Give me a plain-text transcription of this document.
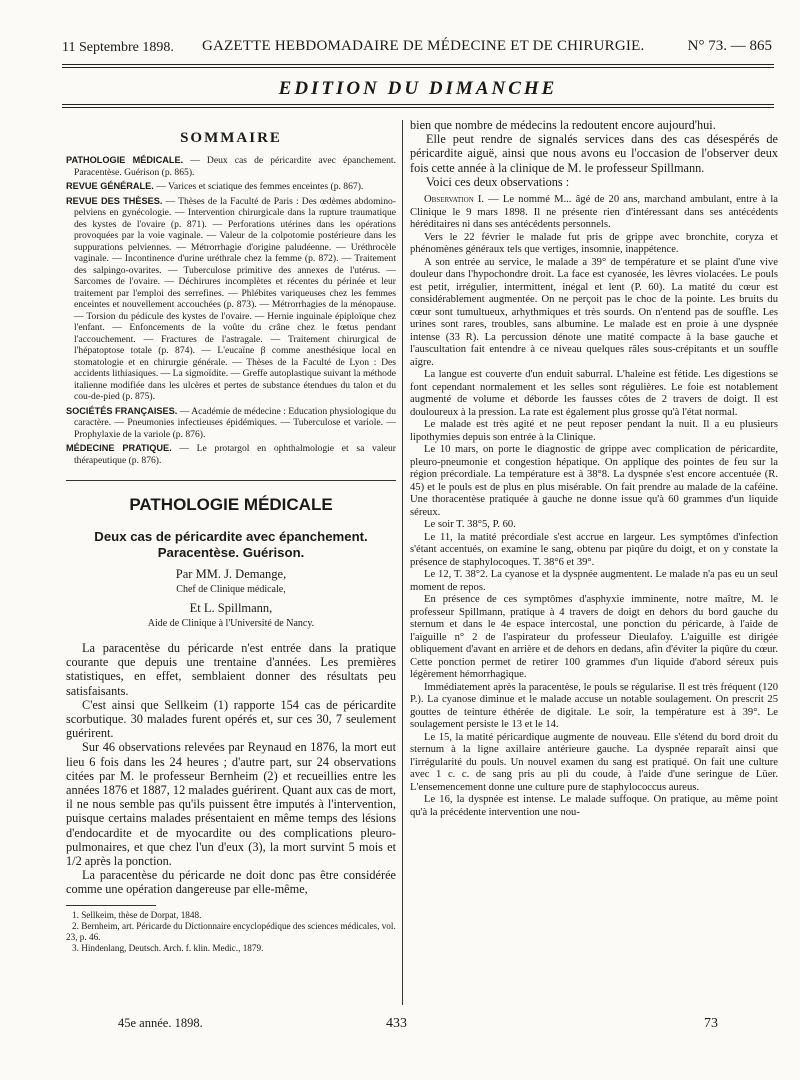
11 Septembre 1898. GAZETTE HEBDOMADAIRE DE MÉDECINE ET DE CHIRURGIE.	N° 73. — 865
EDITION DU DIMANCHE
SOMMAIRE
PATHOLOGIE MÉDICALE. — Deux cas de péricardite avec épanchement. Paracentèse. Guérison (p. 865).
REVUE GÉNÉRALE. — Varices et sciatique des femmes enceintes (p. 867).
REVUE DES THÈSES. — Thèses de la Faculté de Paris : Des œdèmes abdomino-pelviens en gynécologie. — Intervention chirurgicale dans la rupture traumatique des kystes de l'ovaire (p. 871). — Perforations utérines dans les opérations provoquées par la voie vaginale. — Valeur de la colpotomie postérieure dans les suppurations pelviennes. — Métrorrhagie d'origine paludéenne. — Uréthrocèle vaginale. — Incontinence d'urine uréthrale chez la femme (p. 872). — Traitement des salpingo-ovarites. — Tuberculose primitive des annexes de l'utérus. — Sarcomes de l'ovaire. — Déchirures incomplètes et récentes du périnée et leur traitement par l'emploi des serrefines. — Phlébites variqueuses chez les femmes enceintes et nouvellement accouchées (p. 873). — Métrorrhagies de la ménopause. — Torsion du pédicule des kystes de l'ovaire. — Hernie inguinale épiploïque chez l'enfant. — Enfoncements de la voûte du crâne chez le fœtus pendant l'accouchement. — Fractures de l'astragale. — Traitement chirurgical de l'hépatoptose totale (p. 874). — L'eucaïne β comme anesthésique local en stomatologie et en chirurgie générale. — Thèses de la Faculté de Lyon : Des accidents lithiasiques. — La sigmoïdite. — Greffe autoplastique suivant la méthode italienne modifiée dans les ulcères et pertes de substance étendues du talon et du cou-de-pied (p. 875).
SOCIÉTÉS FRANÇAISES. — Académie de médecine : Education physiologique du caractère. — Pneumonies infectieuses épidémiques. — Tuberculose et variole. — Prophylaxie de la variole (p. 876).
MÉDECINE PRATIQUE. — Le protargol en ophthalmologie et sa valeur thérapeutique (p. 876).
PATHOLOGIE MÉDICALE
Deux cas de péricardite avec épanchement. Paracentèse. Guérison.
Par MM. J. Demange,
Chef de Clinique médicale,
Et L. Spillmann,
Aide de Clinique à l'Université de Nancy.

La paracentèse du péricarde n'est entrée dans la pratique courante que depuis une trentaine d'années. Les premières statistiques, en effet, semblaient donner des résultats peu satisfaisants.

C'est ainsi que Sellkeim (1) rapporte 154 cas de péricardite scorbutique. 30 malades furent opérés et, sur ces 30, 7 seulement guérirent.

Sur 46 observations relevées par Reynaud en 1876, la mort eut lieu 6 fois dans les 24 heures ; d'autre part, sur 24 observations citées par M. le professeur Bernheim (2) et recueillies entre les années 1876 et 1887, 12 malades guérirent. Quant aux cas de mort, il ne nous semble pas qu'ils puissent être imputés à l'intervention, puisque certains malades présentaient en même temps des lésions d'endocardite et de myocardite ou des complications pleuro-pulmonaires, et que chez l'un d'eux (3), la mort survint 5 mois et 1/2 après la ponction.

La paracentèse du péricarde ne doit donc pas être considérée comme une opération dangereuse par elle-même,

1. Sellkeim, thèse de Dorpat, 1848.
2. Bernheim, art. Péricarde du Dictionnaire encyclopédique des sciences médicales, vol. 23, p. 46.
3. Hindenlang, Deutsch. Arch. f. klin. Medic., 1879.

bien que nombre de médecins la redoutent encore aujourd'hui.

Elle peut rendre de signalés services dans des cas désespérés de péricardite aiguë, ainsi que nous avons eu l'occasion de l'observer deux fois cette année à la clinique de M. le professeur Spillmann.

Voici ces deux observations :

Observation I. — Le nommé M... âgé de 20 ans, marchand ambulant, entre à la Clinique le 9 mars 1898. Il ne présente rien d'intéressant dans ses antécédents héréditaires ni dans ses antécédents personnels.

Vers le 22 février le malade fut pris de grippe avec bronchite, coryza et phénomènes généraux tels que vertiges, insomnie, inappétence.

A son entrée au service, le malade a 39° de température et se plaint d'une vive douleur dans l'hypochondre droit. La face est cyanosée, les lèvres violacées. Le pouls est petit, irrégulier, intermittent, inégal et lent (P. 60). La matité du cœur est considérablement augmentée. On ne perçoit pas le choc de la pointe. Les bruits du cœur sont tumultueux, arhythmiques et très sourds. On n'entend pas de souffle. Les urines sont rares, troubles, sans albumine. Le malade est en proie à une dyspnée intense (33 R). La percussion dénote une matité compacte à la base gauche et l'auscultation fait entendre à ce niveau quelques râles sous-crépitants et un souffle aigre.

La langue est couverte d'un enduit saburral. L'haleine est fétide. Les digestions se font cependant normalement et les selles sont régulières. Le foie est notablement augmenté de volume et déborde les fausses côtes de 2 travers de doigt. Il est douloureux à la pression. La rate est également plus grosse qu'à l'état normal.

Le malade est très agité et ne peut reposer pendant la nuit. Il a eu plusieurs lipothymies depuis son entrée à la Clinique.

Le 10 mars, on porte le diagnostic de grippe avec complication de péricardite, pleuro-pneumonie et congestion hépatique. On applique des pointes de feu sur la région précordiale. La température est à 38°8. La dyspnée s'est encore accentuée (R. 45) et le pouls est de plus en plus misérable. On fait prendre au malade de la caféine. Une thoracentèse pratiquée à gauche ne donne issue qu'à 60 grammes d'un liquide séreux.

Le soir T. 38°5, P. 60.

Le 11, la matité précordiale s'est accrue en largeur. Les symptômes d'infection s'étant accentués, on examine le sang, obtenu par piqûre du doigt, et on y constate la présence de staphylocoques. T. 38°6 et 39°.

Le 12, T. 38°2. La cyanose et la dyspnée augmentent. Le malade n'a pas eu un seul moment de repos.

En présence de ces symptômes d'asphyxie imminente, notre maître, M. le professeur Spillmann, pratique à 4 travers de doigt en dehors du bord gauche du sternum et dans le 4e espace intercostal, une ponction du péricarde, à l'aide de l'aiguille n° 2 de l'aspirateur du professeur Dieulafoy. L'aiguille est dirigée obliquement d'avant en arrière et de dehors en dedans, afin d'éviter la piqûre du cœur. Cette ponction permet de retirer 100 grammes d'un liquide d'abord séreux puis légèrement hémorrhagique.

Immédiatement après la paracentèse, le pouls se régularise. Il est très fréquent (120 P.). La cyanose diminue et le malade accuse un notable soulagement. On prescrit 25 gouttes de teinture éthérée de digitale. Le soir, la température est à 39°. Le soulagement persiste le 13 et le 14.

Le 15, la matité péricardique augmente de nouveau. Elle s'étend du bord droit du sternum à la ligne axillaire antérieure gauche. La dyspnée reparaît ainsi que l'irrégularité du pouls. Un nouvel examen du sang est pratiqué. On fait une culture avec 1 c. c. de sang pris au pli du coude, à l'aide d'une seringue de Lüer. L'ensemencement donne une culture pure de staphylococcus aureus.

Le 16, la dyspnée est intense. Le malade suffoque. On pratique, au même point qu'à la précédente intervention une nou-

45e année. 1898.	433	73
